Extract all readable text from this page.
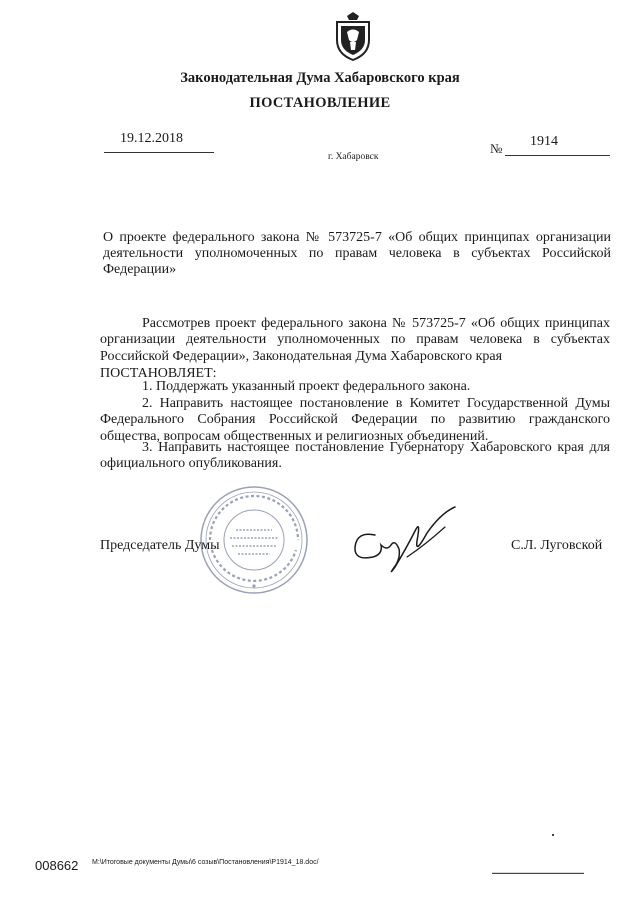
Законодательная Дума Хабаровского края
ПОСТАНОВЛЕНИЕ
19.12.2018
г. Хабаровск
№ 1914
О проекте федерального закона № 573725-7 «Об общих принципах организации деятельности уполномоченных по правам человека в субъектах Российской Федерации»
Рассмотрев проект федерального закона № 573725-7 «Об общих принципах организации деятельности уполномоченных по правам человека в субъектах Российской Федерации», Законодательная Дума Хабаровского края
ПОСТАНОВЛЯЕТ:
1. Поддержать указанный проект федерального закона.
2. Направить настоящее постановление в Комитет Государственной Думы Федерального Собрания Российской Федерации по развитию гражданского общества, вопросам общественных и религиозных объединений.
3. Направить настоящее постановление Губернатору Хабаровского края для официального опубликования.
Председатель Думы	С.Л. Луговской
008662 M:\Итоговые документы Думы\6 созыв\Постановления\P1914_18.doc/
▬▬▬▬▬▬▬▬▬▬▬▬▬▬▬▬▬▬▬▬▬▬▬
